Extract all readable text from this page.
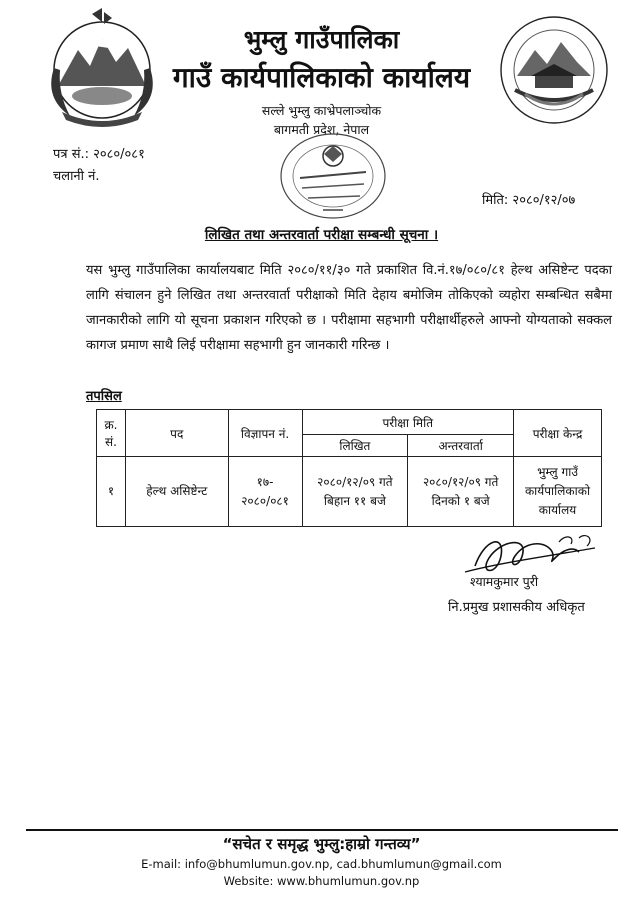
भुम्लु गाउँपालिका
गाउँ कार्यपालिकाको कार्यालय
सल्ले भुम्लु काभ्रेपलाञ्चोक
बागमती प्रदेश, नेपाल
पत्र सं.: २०८०/०८१
चलानी नं.
मिति: २०८०/१२/०७
लिखित तथा अन्तरवार्ता परीक्षा सम्बन्धी सूचना ।
यस भुम्लु गाउँपालिका कार्यालयबाट मिति २०८०/११/३० गते प्रकाशित वि.नं.१७/०८०/८१ हेल्थ असिष्टेन्ट पदका लागि संचालन हुने लिखित तथा अन्तरवार्ता परीक्षाको मिति देहाय बमोजिम तोकिएको व्यहोरा सम्बन्धित सबैमा जानकारीको लागि यो सूचना प्रकाशन गरिएको छ । परीक्षामा सहभागी परीक्षार्थीहरुले आफ्नो योग्यताको सक्कल कागज प्रमाण साथै लिई परीक्षामा सहभागी हुन जानकारी गरिन्छ ।
तपसिल
क्र. सं.	पद	विज्ञापन नं.	परीक्षा मिति		परीक्षा केन्द्र
			लिखित	अन्तरवार्ता	
१	हेल्थ असिष्टेन्ट	१७- २०८०/०८१	२०८०/१२/०९ गते बिहान ११ बजे	२०८०/१२/०९ गते दिनको १ बजे	भुम्लु गाउँ कार्यपालिकाको कार्यालय
श्यामकुमार पुरी
नि.प्रमुख प्रशासकीय अधिकृत
“सचेत र समृद्ध भुम्लु:हाम्रो गन्तव्य”
E-mail: info@bhumlumun.gov.np, cad.bhumlumun@gmail.com
Website: www.bhumlumun.gov.np
